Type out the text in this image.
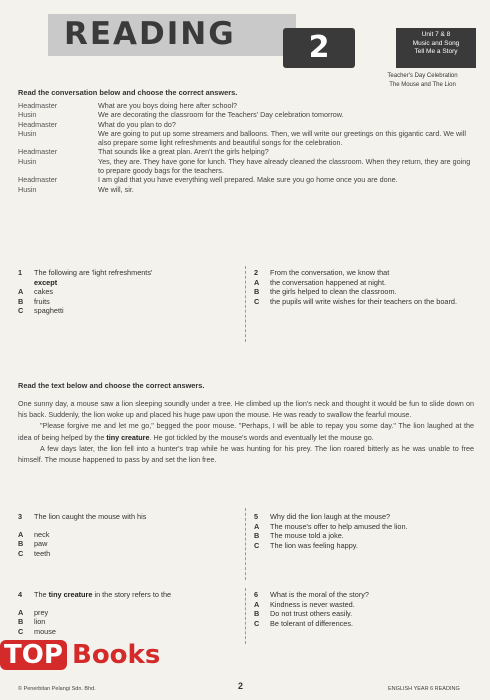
READING	2	Unit 7 & 8
Music and Song
Tell Me a Story
Teacher's Day Celebration
The Mouse and The Lion
Read the conversation below and choose the correct answers.
Headmaster	What are you boys doing here after school?
Husin	We are decorating the classroom for the Teachers' Day celebration tomorrow.
Headmaster	What do you plan to do?
Husin	We are going to put up some streamers and balloons. Then, we will write our greetings on this gigantic card. We will also prepare some light refreshments and beautiful songs for the celebration.
Headmaster	That sounds like a great plan. Aren't the girls helping?
Husin	Yes, they are. They have gone for lunch. They have already cleaned the classroom. When they return, they are going to prepare goody bags for the teachers.
Headmaster	I am glad that you have everything well prepared. Make sure you go home once you are done.
Husin	We will, sir.
1	The following are 'light refreshments'
except
A	cakes
B	fruits
C	spaghetti
2	From the conversation, we know that
A	the conversation happened at night.
B	the girls helped to clean the classroom.
C	the pupils will write wishes for their teachers on the board.
Read the text below and choose the correct answers.

One sunny day, a mouse saw a lion sleeping soundly under a tree. He climbed up the lion's neck and thought it would be fun to slide down on his back. Suddenly, the lion woke up and placed his huge paw upon the mouse. He was ready to swallow the fearful mouse.

"Please forgive me and let me go," begged the poor mouse. "Perhaps, I will be able to repay you some day." The lion laughed at the idea of being helped by the tiny creature. He got tickled by the mouse's words and eventually let the mouse go.

A few days later, the lion fell into a hunter's trap while he was hunting for his prey. The lion roared bitterly as he was unable to free himself. The mouse happened to pass by and set the lion free.

3	The lion caught the mouse with his
A	neck
B	paw
C	teeth
5	Why did the lion laugh at the mouse?
A	The mouse's offer to help amused the lion.
B	The mouse told a joke.
C	The lion was feeling happy.
4	The tiny creature in the story refers to the
A	prey
B	lion
C	mouse
6	What is the moral of the story?
A	Kindness is never wasted.
B	Do not trust others easily.
C	Be tolerant of differences.
© Penerbitan Pelangi Sdn. Bhd.	2	ENGLISH YEAR 6 READING
TOP Books
